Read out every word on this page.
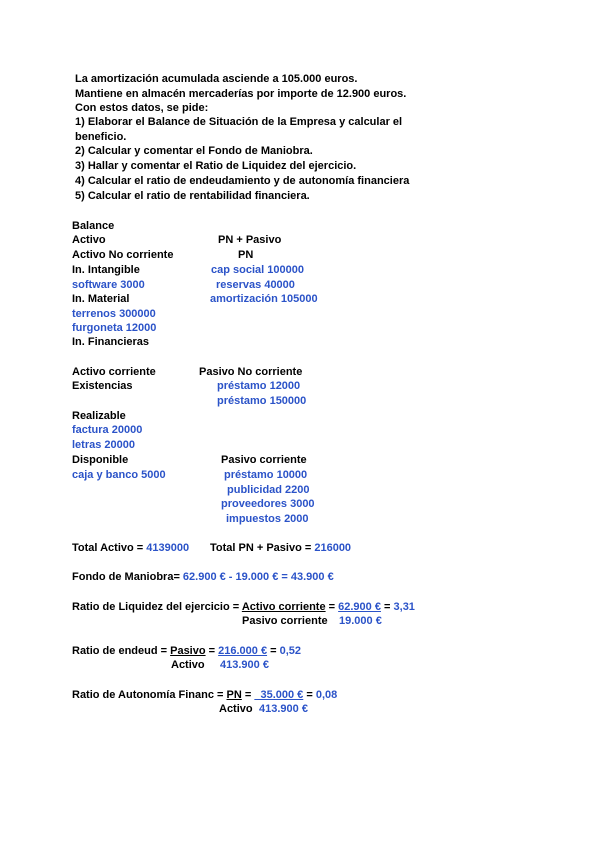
La amortización acumulada asciende a 105.000 euros.
Mantiene en almacén mercaderías por importe de 12.900 euros.
Con estos datos, se pide:
1) Elaborar el Balance de Situación de la Empresa y calcular el
beneficio.
2) Calcular y comentar el Fondo de Maniobra.
3) Hallar y comentar el Ratio de Liquidez del ejercicio.
4) Calcular el ratio de endeudamiento y de autonomía financiera
5) Calcular el ratio de rentabilidad financiera.
Balance
Activo	PN + Pasivo
Activo No corriente	PN
In. Intangible	cap social 100000
software 3000	reservas 40000
In. Material	amortización 105000
terrenos 300000
furgoneta 12000
In. Financieras
Activo corriente	Pasivo No corriente
Existencias	préstamo 12000
préstamo 150000
Realizable
factura 20000
letras 20000
Disponible	Pasivo corriente
caja y banco 5000	préstamo 10000
publicidad 2200
proveedores 3000
impuestos 2000
Total Activo = 4139000 Total PN + Pasivo = 216000
Fondo de Maniobra= 62.900 € - 19.000 € = 43.900 €
Ratio de Liquidez del ejercicio = Activo corriente = 62.900 € = 3,31
Pasivo corriente 19.000 €
Ratio de endeud = Pasivo = 216.000 € = 0,52
Activo 413.900 €
Ratio de Autonomía Financ = PN =   35.000 € = 0,08
Activo 413.900 €
